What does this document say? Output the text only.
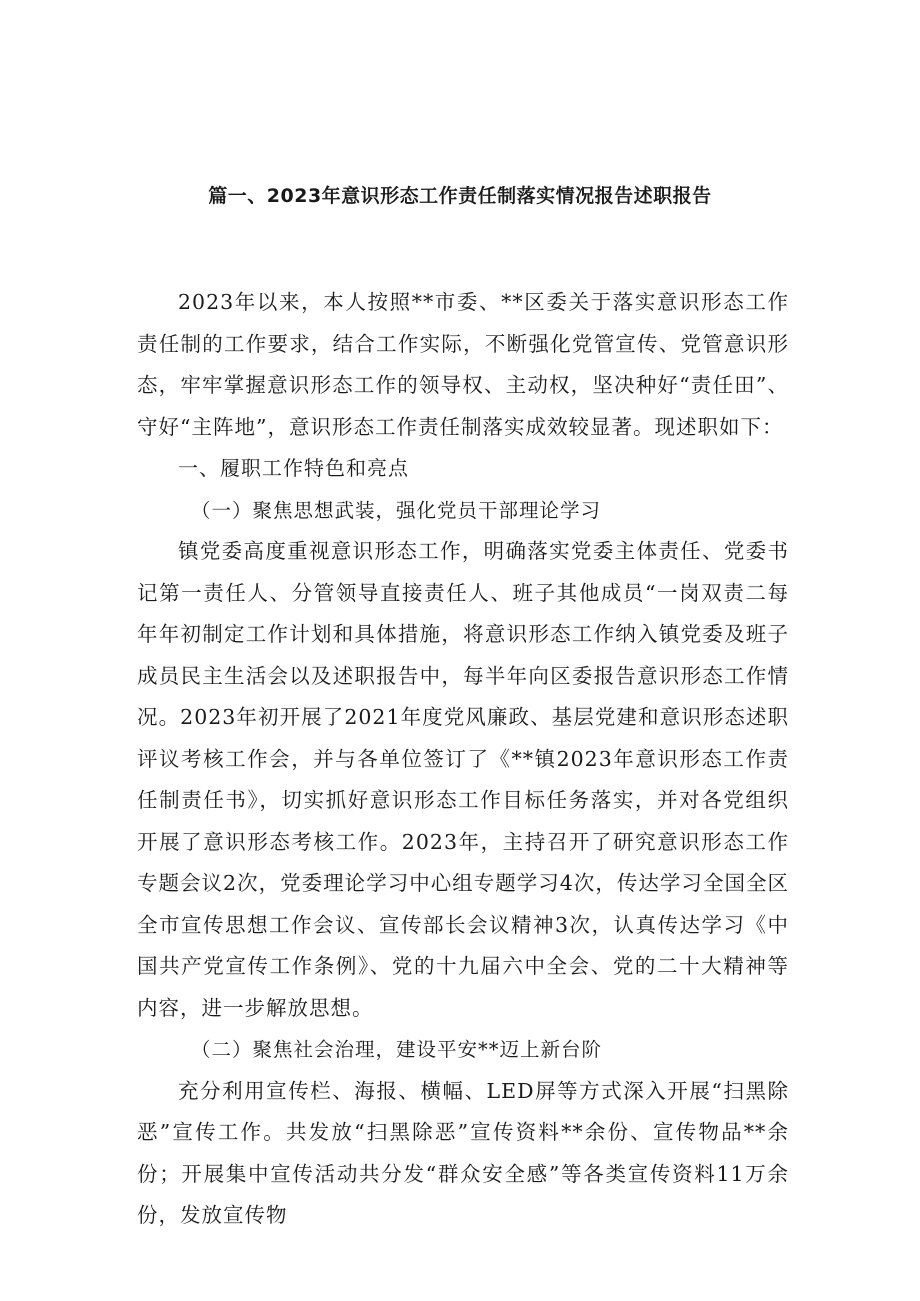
篇一、2023年意识形态工作责任制落实情况报告述职报告

2023年以来，本人按照**市委、**区委关于落实意识形态工作责任制的工作要求，结合工作实际，不断强化党管宣传、党管意识形态，牢牢掌握意识形态工作的领导权、主动权，坚决种好“责任田”、守好“主阵地”，意识形态工作责任制落实成效较显著。现述职如下：

一、履职工作特色和亮点

（一）聚焦思想武装，强化党员干部理论学习

镇党委高度重视意识形态工作，明确落实党委主体责任、党委书记第一责任人、分管领导直接责任人、班子其他成员“一岗双责二每年年初制定工作计划和具体措施，将意识形态工作纳入镇党委及班子成员民主生活会以及述职报告中，每半年向区委报告意识形态工作情况。2023年初开展了2021年度党风廉政、基层党建和意识形态述职评议考核工作会，并与各单位签订了《**镇2023年意识形态工作责任制责任书》，切实抓好意识形态工作目标任务落实，并对各党组织开展了意识形态考核工作。2023年，主持召开了研究意识形态工作专题会议2次，党委理论学习中心组专题学习4次，传达学习全国全区全市宣传思想工作会议、宣传部长会议精神3次，认真传达学习《中国共产党宣传工作条例》、党的十九届六中全会、党的二十大精神等内容，进一步解放思想。

（二）聚焦社会治理，建设平安**迈上新台阶

充分利用宣传栏、海报、横幅、LED屏等方式深入开展“扫黑除恶”宣传工作。共发放“扫黑除恶”宣传资料**余份、宣传物品**余份；开展集中宣传活动共分发“群众安全感”等各类宣传资料11万余份，发放宣传物
